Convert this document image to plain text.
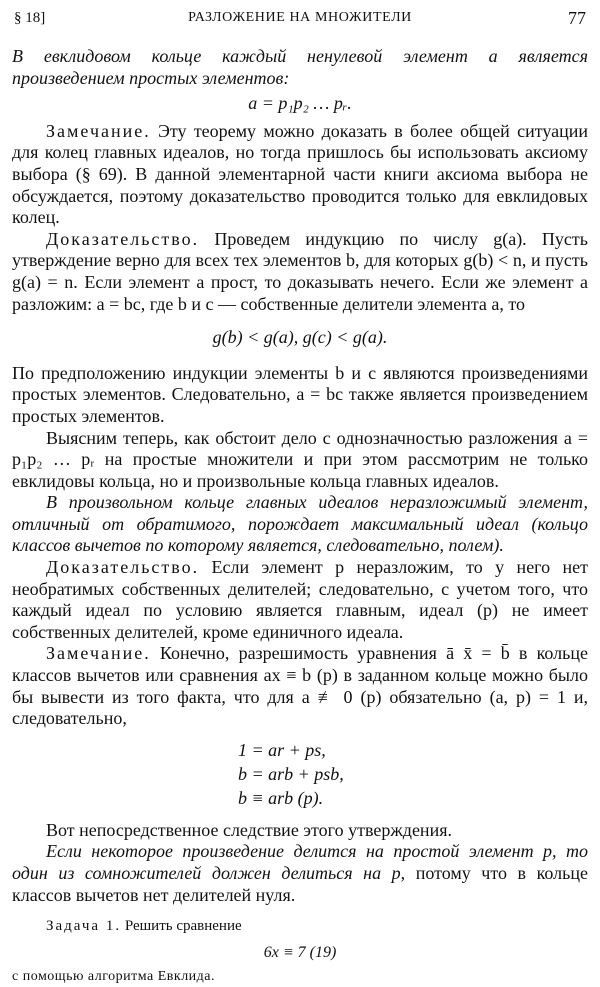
§ 18]	РАЗЛОЖЕНИЕ НА МНОЖИТЕЛИ	77

В евклидовом кольце каждый ненулевой элемент a является произведением простых элементов:

a = p₁p₂ … pᵣ.

Замечание. Эту теорему можно доказать в более общей ситуации для колец главных идеалов, но тогда пришлось бы использовать аксиому выбора (§ 69). В данной элементарной части книги аксиома выбора не обсуждается, поэтому доказательство проводится только для евклидовых колец.

Доказательство. Проведем индукцию по числу g(a). Пусть утверждение верно для всех тех элементов b, для которых g(b) < n, и пусть g(a) = n. Если элемент a прост, то доказывать нечего. Если же элемент a разложим: a = bc, где b и c — собственные делители элемента a, то

g(b) < g(a), g(c) < g(a).

По предположению индукции элементы b и c являются произведениями простых элементов. Следовательно, a = bc также является произведением простых элементов.

Выясним теперь, как обстоит дело с однозначностью разложения a = p₁p₂ … pᵣ на простые множители и при этом рассмотрим не только евклидовы кольца, но и произвольные кольца главных идеалов.

В произвольном кольце главных идеалов неразложимый элемент, отличный от обратимого, порождает максимальный идеал (кольцо классов вычетов по которому является, следовательно, полем).

Доказательство. Если элемент p неразложим, то у него нет необратимых собственных делителей; следовательно, с учетом того, что каждый идеал по условию является главным, идеал (p) не имеет собственных делителей, кроме единичного идеала.

Замечание. Конечно, разрешимость уравнения ā x̄ = b̄ в кольце классов вычетов или сравнения ax ≡ b (p) в заданном кольце можно было бы вывести из того факта, что для a ≢ 0 (p) обязательно (a, p) = 1 и, следовательно,

1 = ar + ps,
b = arb + psb,
b ≡ arb (p).

Вот непосредственное следствие этого утверждения.

Если некоторое произведение делится на простой элемент p, то один из сомножителей должен делиться на p, потому что в кольце классов вычетов нет делителей нуля.

Задача 1. Решить сравнение

6x ≡ 7 (19)

с помощью алгоритма Евклида.
